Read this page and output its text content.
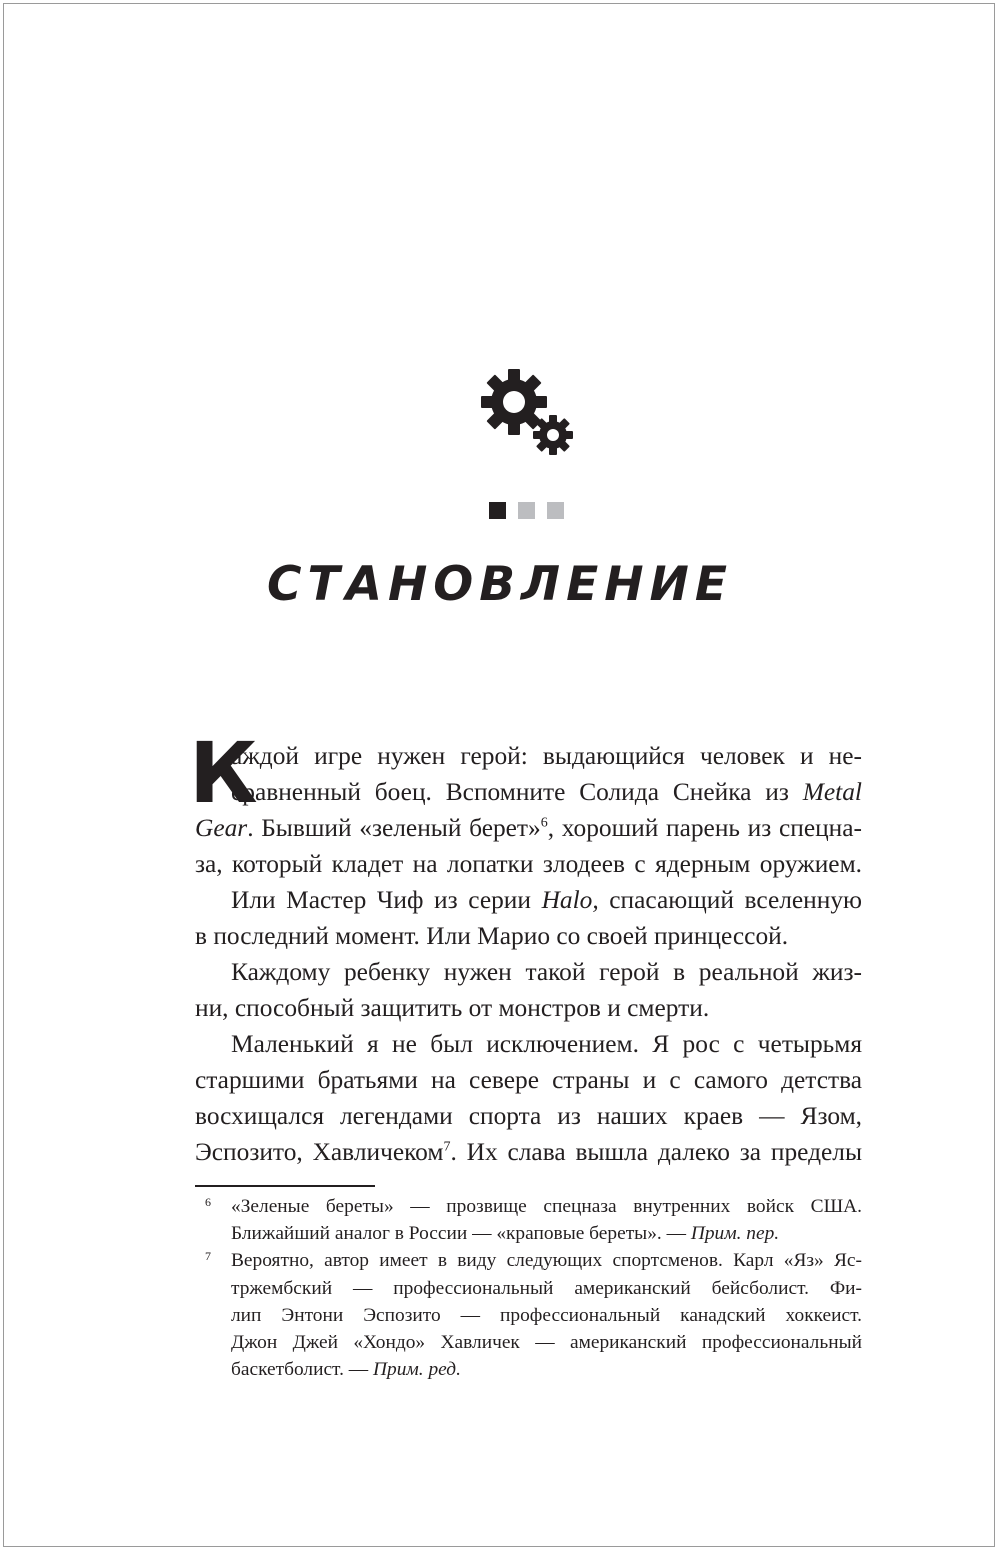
СТАНОВЛЕНИЕ
К
аждой игре нужен герой: выдающийся человек и не-
сравненный боец. Вспомните Солида Снейка из Metal
Gear. Бывший «зеленый берет»$^6$, хороший парень из спецна-
за, который кладет на лопатки злодеев с ядерным оружием.
Или Мастер Чиф из серии Halo, спасающий вселенную
в последний момент. Или Марио со своей принцессой.
Каждому ребенку нужен такой герой в реальной жиз-
ни, способный защитить от монстров и смерти.
Маленький я не был исключением. Я рос с четырьмя
старшими братьями на севере страны и с самого детства
восхищался легендами спорта из наших краев — Язом,
Эспозито, Хавличеком$^7$. Их слава вышла далеко за пределы
6 «Зеленые береты» — прозвище спецназа внутренних войск США.
Ближайший аналог в России — «краповые береты». — Прим. пер.
7 Вероятно, автор имеет в виду следующих спортсменов. Карл «Яз» Яс-
тржембский — профессиональный американский бейсболист. Фи-
лип Энтони Эспозито — профессиональный канадский хоккеист.
Джон Джей «Хондо» Хавличек — американский профессиональный
баскетболист. — Прим. ред.
